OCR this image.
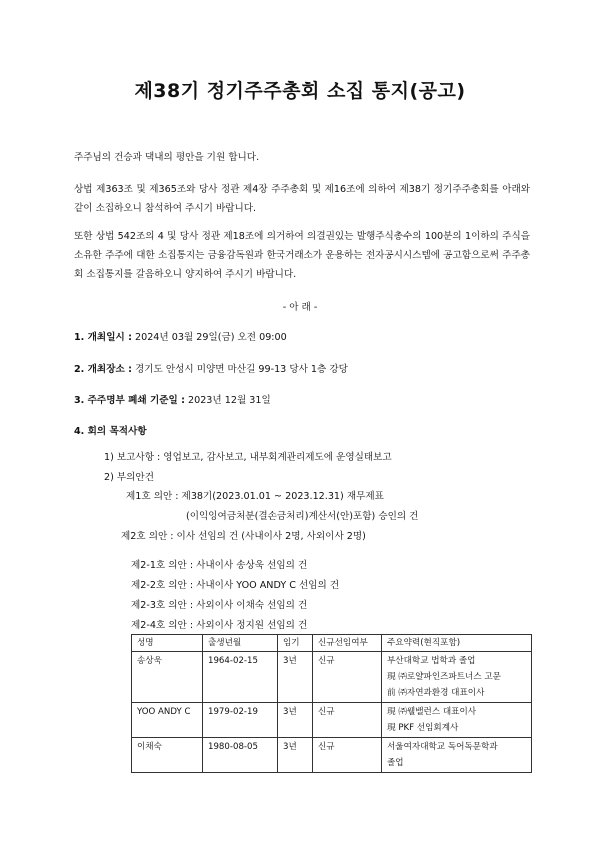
제38기 정기주주총회 소집 통지(공고)
주주님의 건승과 댁내의 평안을 기원 합니다.
상법 제363조 및 제365조와 당사 정관 제4장 주주총회 및 제16조에 의하여 제38기 정기주주총회를 아래와 같이 소집하오니 참석하여 주시기 바랍니다.
또한 상법 542조의 4 및 당사 정관 제18조에 의거하여 의결권있는 발행주식총수의 100분의 1이하의 주식을 소유한 주주에 대한 소집통지는 금융감독원과 한국거래소가 운용하는 전자공시시스템에 공고함으로써 주주총회 소집통지를 갈음하오니 양지하여 주시기 바랍니다.
- 아 래 -
1. 개최일시 : 2024년 03월 29일(금) 오전 09:00
2. 개최장소 : 경기도 안성시 미양면 마산길 99-13 당사 1층 강당
3. 주주명부 폐쇄 기준일 : 2023년 12월 31일
4. 회의 목적사항
1) 보고사항 : 영업보고, 감사보고, 내부회계관리제도에 운영실태보고
2) 부의안건
제1호 의안 : 제38기(2023.01.01 ~ 2023.12.31) 재무제표
(이익잉여금처분(결손금처리)계산서(안)포함) 승인의 건
제2호 의안 : 이사 선임의 건 (사내이사 2명, 사외이사 2명)
제2-1호 의안 : 사내이사 송상욱 선임의 건
제2-2호 의안 : 사내이사 YOO ANDY C 선임의 건
제2-3호 의안 : 사외이사 이채숙 선임의 건
제2-4호 의안 : 사외이사 정지원 선임의 건
성명	출생년월	임기	신규선임여부	주요약력(현직포함)
송상욱	1964-02-15	3년	신규	부산대학교 법학과 졸업
現 ㈜로얄파인즈파트너스 고문
前 ㈜자연과환경 대표이사

YOO ANDY C	1979-02-19	3년	신규	現 ㈜웰밸런스 대표이사
現 PKF 선임회계사

이채숙	1980-08-05	3년	신규	서울여자대학교 독어독문학과
졸업
